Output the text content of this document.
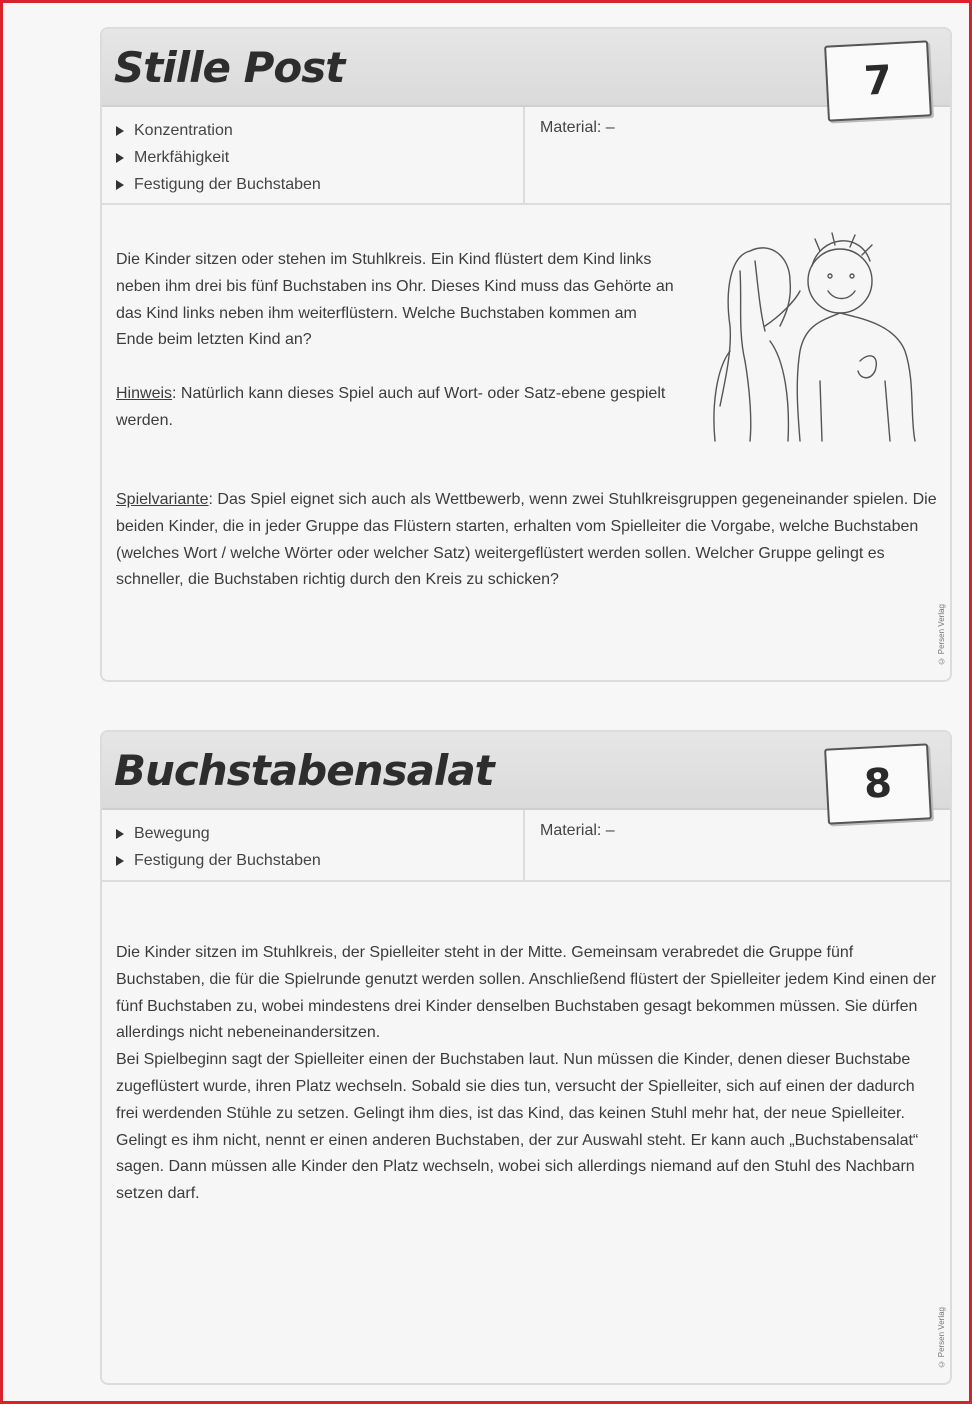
Stille Post	7
Konzentration
Merkfähigkeit
Festigung der Buchstaben
Material: –

Die Kinder sitzen oder stehen im Stuhlkreis. Ein Kind flüstert dem Kind links neben ihm drei bis fünf Buchstaben ins Ohr. Dieses Kind muss das Gehörte an das Kind links neben ihm weiterflüstern. Welche Buchstaben kommen am Ende beim letzten Kind an?

Hinweis: Natürlich kann dieses Spiel auch auf Wort- oder Satz-ebene gespielt werden.

Spielvariante: Das Spiel eignet sich auch als Wettbewerb, wenn zwei Stuhlkreisgruppen gegeneinander spielen. Die beiden Kinder, die in jeder Gruppe das Flüstern starten, erhalten vom Spielleiter die Vorgabe, welche Buchstaben (welches Wort / welche Wörter oder welcher Satz) weitergeflüstert werden sollen. Welcher Gruppe gelingt es schneller, die Buchstaben richtig durch den Kreis zu schicken?

© Persen Verlag
Buchstabensalat	8
Bewegung
Festigung der Buchstaben
Material: –

Die Kinder sitzen im Stuhlkreis, der Spielleiter steht in der Mitte. Gemeinsam verabredet die Gruppe fünf Buchstaben, die für die Spielrunde genutzt werden sollen. Anschließend flüstert der Spielleiter jedem Kind einen der fünf Buchstaben zu, wobei mindestens drei Kinder denselben Buchstaben gesagt bekommen müssen. Sie dürfen allerdings nicht nebeneinandersitzen.

Bei Spielbeginn sagt der Spielleiter einen der Buchstaben laut. Nun müssen die Kinder, denen dieser Buchstabe zugeflüstert wurde, ihren Platz wechseln. Sobald sie dies tun, versucht der Spielleiter, sich auf einen der dadurch frei werdenden Stühle zu setzen. Gelingt ihm dies, ist das Kind, das keinen Stuhl mehr hat, der neue Spielleiter. Gelingt es ihm nicht, nennt er einen anderen Buchstaben, der zur Auswahl steht. Er kann auch „Buchstabensalat“ sagen. Dann müssen alle Kinder den Platz wechseln, wobei sich allerdings niemand auf den Stuhl des Nachbarn setzen darf.

© Persen Verlag
